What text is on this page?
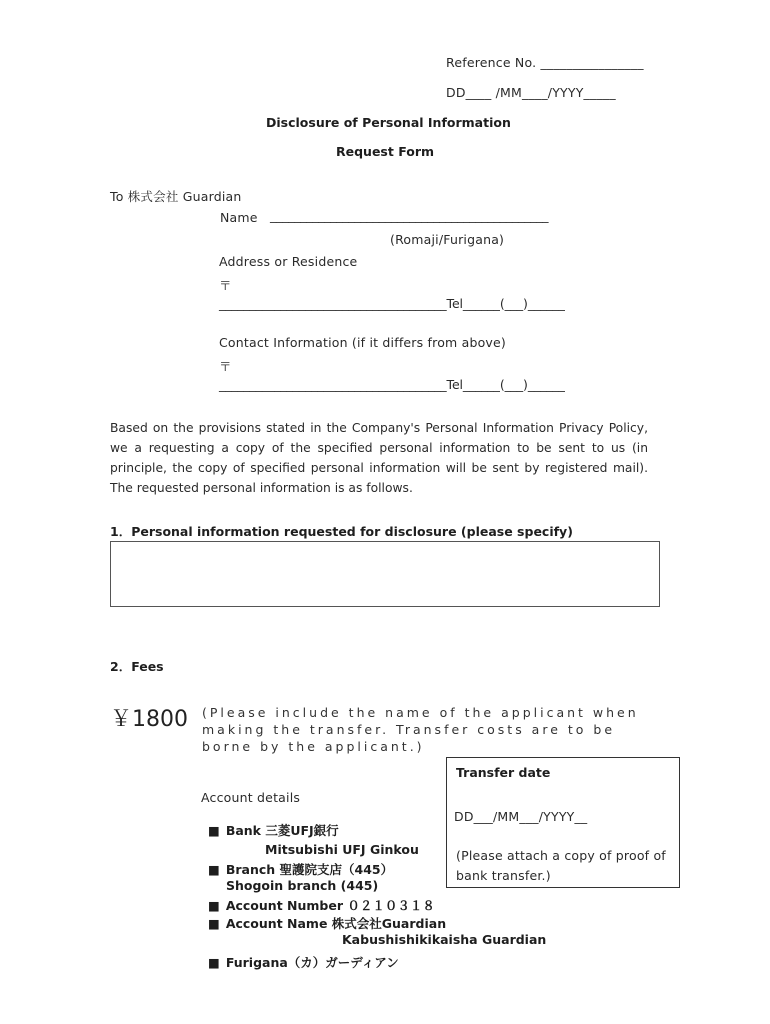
Reference No. ________________
DD____ /MM____/YYYY_____
Disclosure of Personal Information
Request Form
To 株式会社 Guardian
Name ______________________________________________
(Romaji/Furigana)
Address or Residence
〒
_____________________________________Tel______(___)______
Contact Information (if it differs from above)
〒
_____________________________________Tel______(___)______
Based on the provisions stated in the Company's Personal Information Privacy Policy, we a requesting a copy of the specified personal information to be sent to us (in principle, the copy of specified personal information will be sent by registered mail). The requested personal information is as follows.
1．Personal information requested for disclosure (please specify)
2．Fees
￥1800 (Please include the name of the applicant when making the transfer. Transfer costs are to be borne by the applicant.)
Transfer date
DD___/MM___/YYYY__
(Please attach a copy of proof of
bank transfer.)
Account details
■ Bank 三菱UFJ銀行
Mitsubishi UFJ Ginkou
■ Branch 聖護院支店（445）
Shogoin branch (445)
■ Account Number ０２１０３１８
■ Account Name 株式会社Guardian
Kabushishikikaisha Guardian
■ Furigana（カ）ガーディアン
